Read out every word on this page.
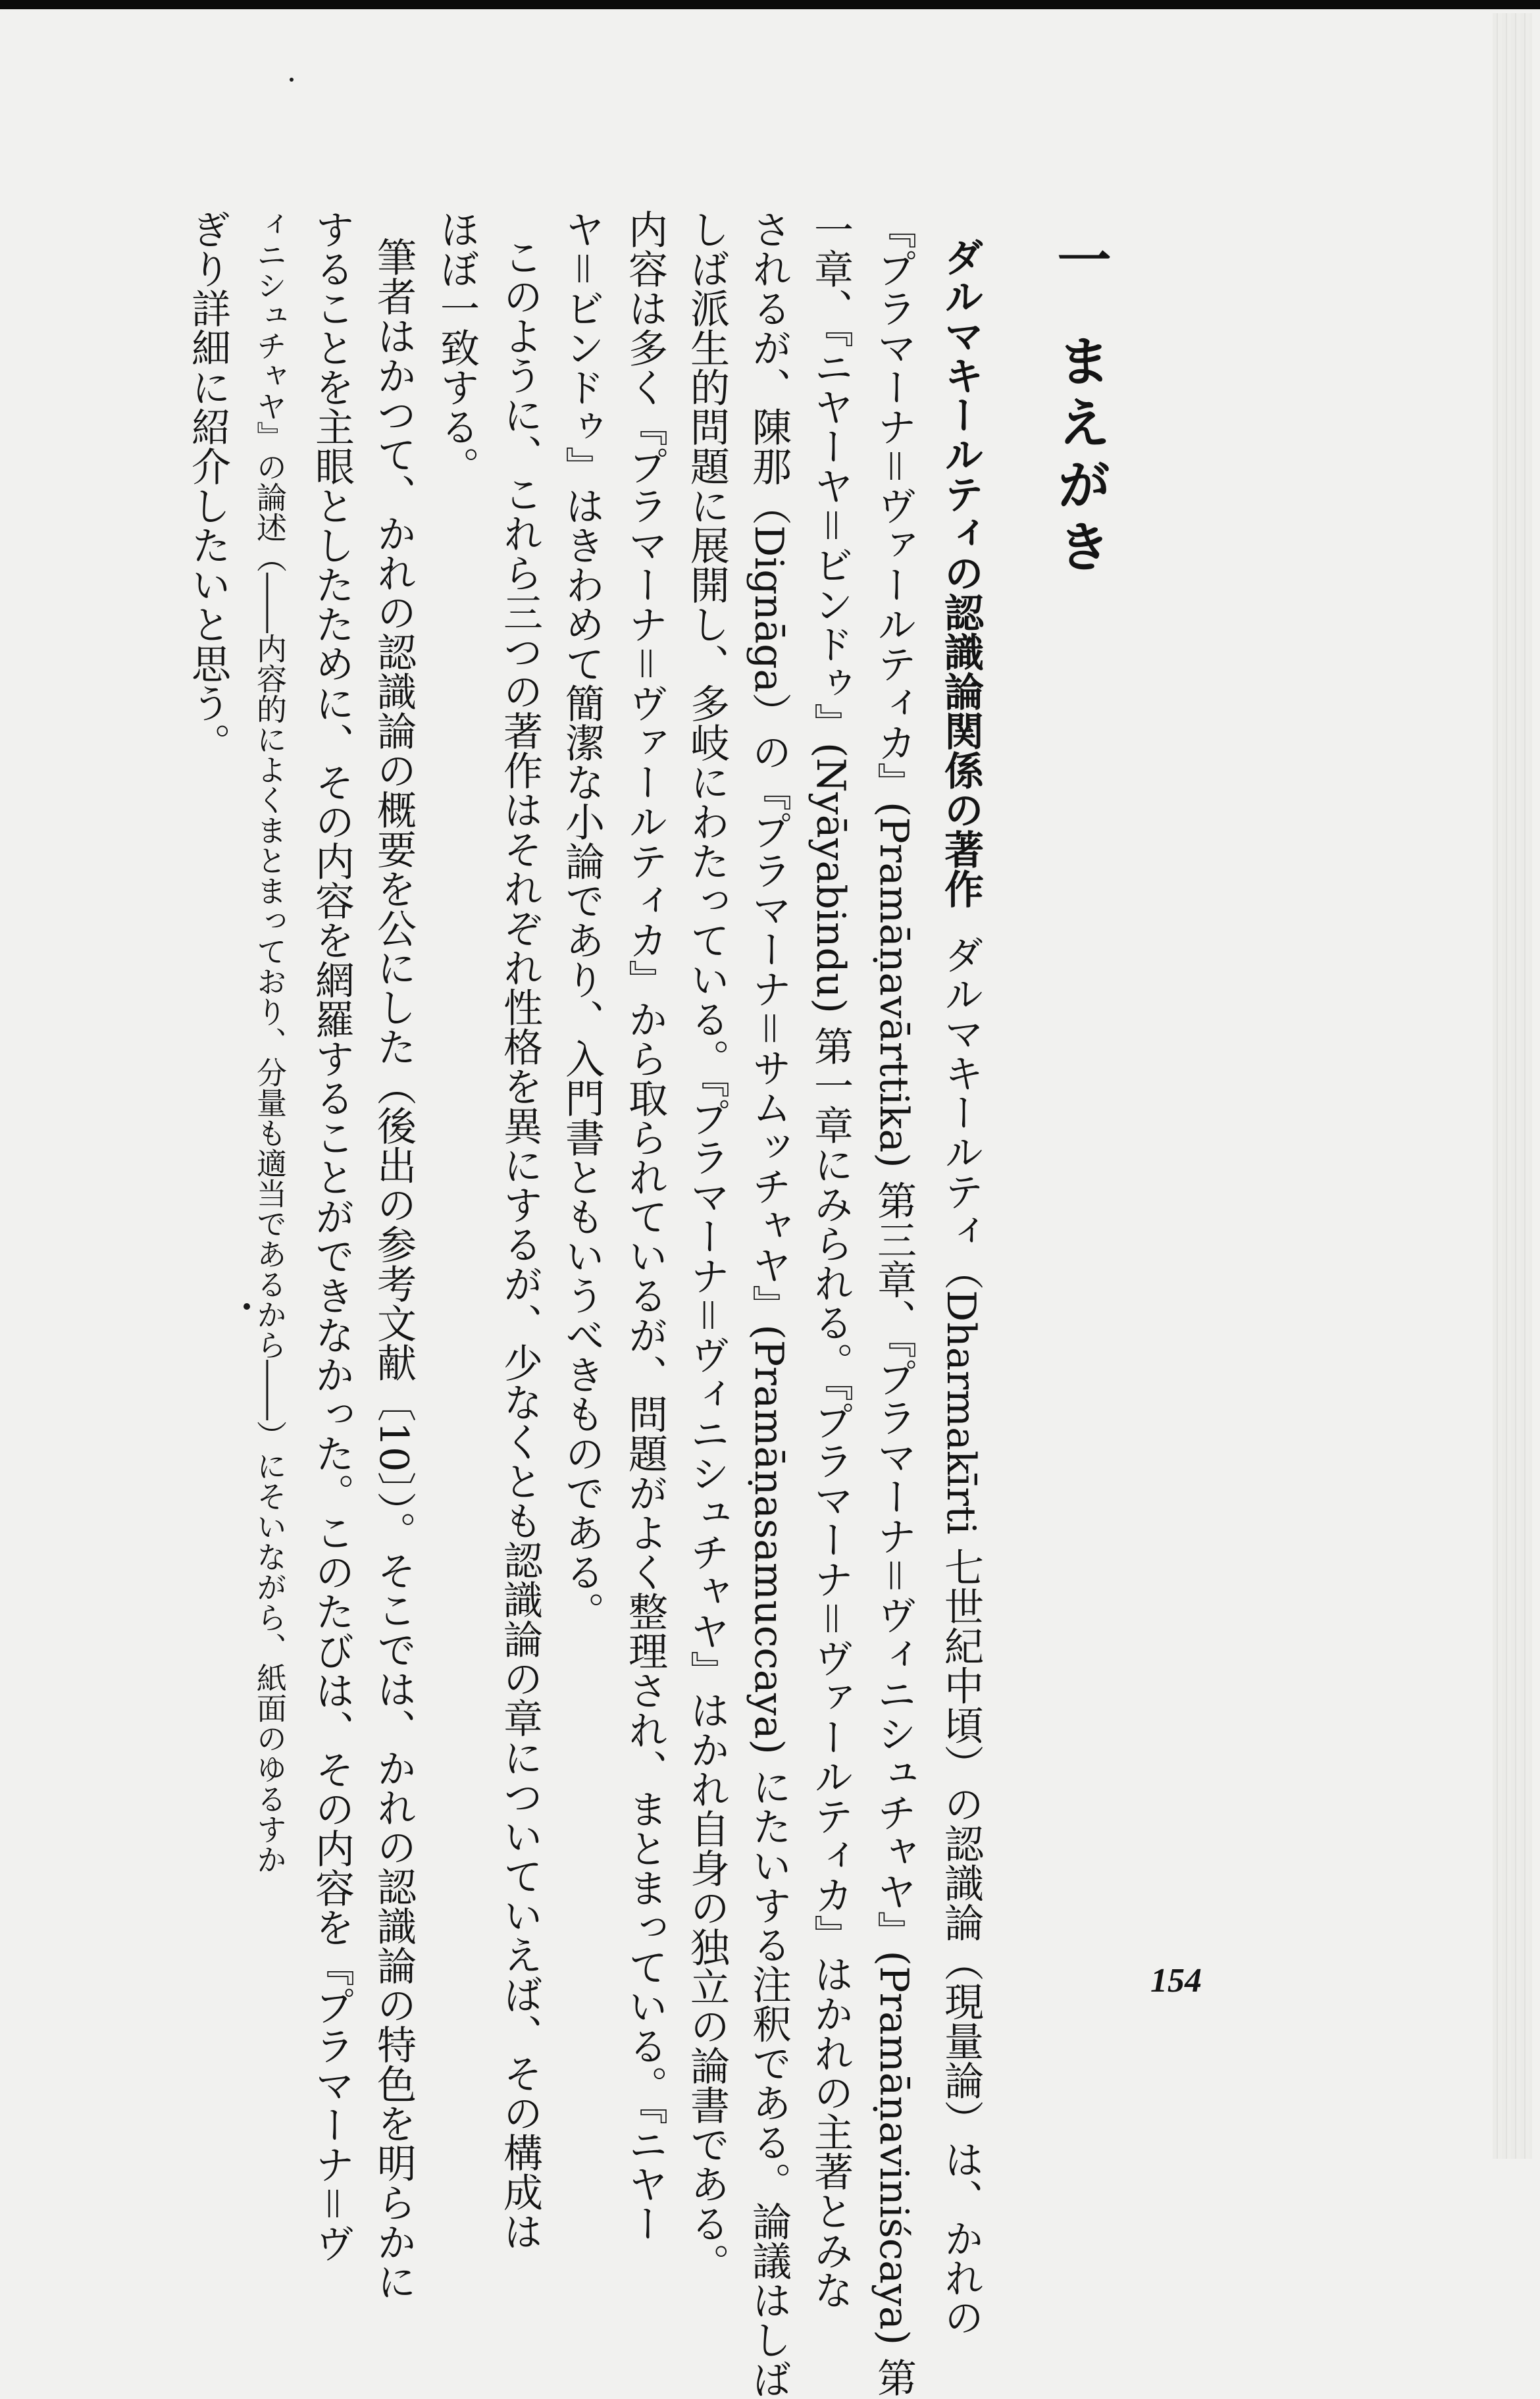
一まえがき
ダルマキールティの認識論関係の著作ダルマキールティ（Dharmakīrti 七世紀中頃）の認識論（現量論）は、かれの
『プラマーナ＝ヴァールティカ』(Pramāṇavārttika) 第三章、『プラマーナ＝ヴィニシュチャヤ』(Pramāṇaviniścaya) 第
一章、『ニヤーヤ＝ビンドゥ』(Nyāyabindu) 第一章にみられる。『プラマーナ＝ヴァールティカ』はかれの主著とみな
されるが、陳那（Dignāga）の『プラマーナ＝サムッチャヤ』(Pramāṇasamuccaya) にたいする注釈である。論議はしば
しば派生的問題に展開し、多岐にわたっている。『プラマーナ＝ヴィニシュチャヤ』はかれ自身の独立の論書である。
内容は多く『プラマーナ＝ヴァールティカ』から取られているが、問題がよく整理され、まとまっている。『ニヤー
ヤ＝ビンドゥ』はきわめて簡潔な小論であり、入門書ともいうべきものである。
このように、これら三つの著作はそれぞれ性格を異にするが、少なくとも認識論の章についていえば、その構成は
ほぼ一致する。
筆者はかつて、かれの認識論の概要を公にした（後出の参考文献〔10〕）。そこでは、かれの認識論の特色を明らかに
することを主眼としたために、その内容を網羅することができなかった。このたびは、その内容を『プラマーナ＝ヴ
ィニシュチャヤ』の論述（――内容的によくまとまっており、分量も適当であるから――）にそいながら、紙面のゆるすか
ぎり詳細に紹介したいと思う。
154
